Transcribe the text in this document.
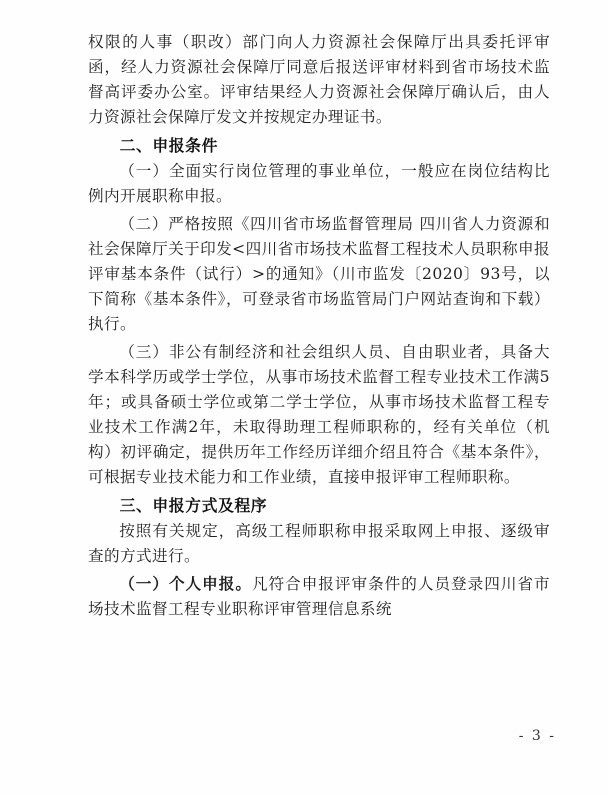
权限的人事（职改）部门向人力资源社会保障厅出具委托评审函，经人力资源社会保障厅同意后报送评审材料到省市场技术监督高评委办公室。评审结果经人力资源社会保障厅确认后，由人力资源社会保障厅发文并按规定办理证书。

二、申报条件

（一）全面实行岗位管理的事业单位，一般应在岗位结构比例内开展职称申报。

（二）严格按照《四川省市场监督管理局 四川省人力资源和社会保障厅关于印发<四川省市场技术监督工程技术人员职称申报评审基本条件（试行）>的通知》（川市监发〔2020〕93号，以下简称《基本条件》，可登录省市场监管局门户网站查询和下载）执行。

（三）非公有制经济和社会组织人员、自由职业者，具备大学本科学历或学士学位，从事市场技术监督工程专业技术工作满5年；或具备硕士学位或第二学士学位，从事市场技术监督工程专业技术工作满2年，未取得助理工程师职称的，经有关单位（机构）初评确定，提供历年工作经历详细介绍且符合《基本条件》，可根据专业技术能力和工作业绩，直接申报评审工程师职称。

三、申报方式及程序

按照有关规定，高级工程师职称申报采取网上申报、逐级审查的方式进行。

（一）个人申报。凡符合申报评审条件的人员登录四川省市场技术监督工程专业职称评审管理信息系统

- 3 -
